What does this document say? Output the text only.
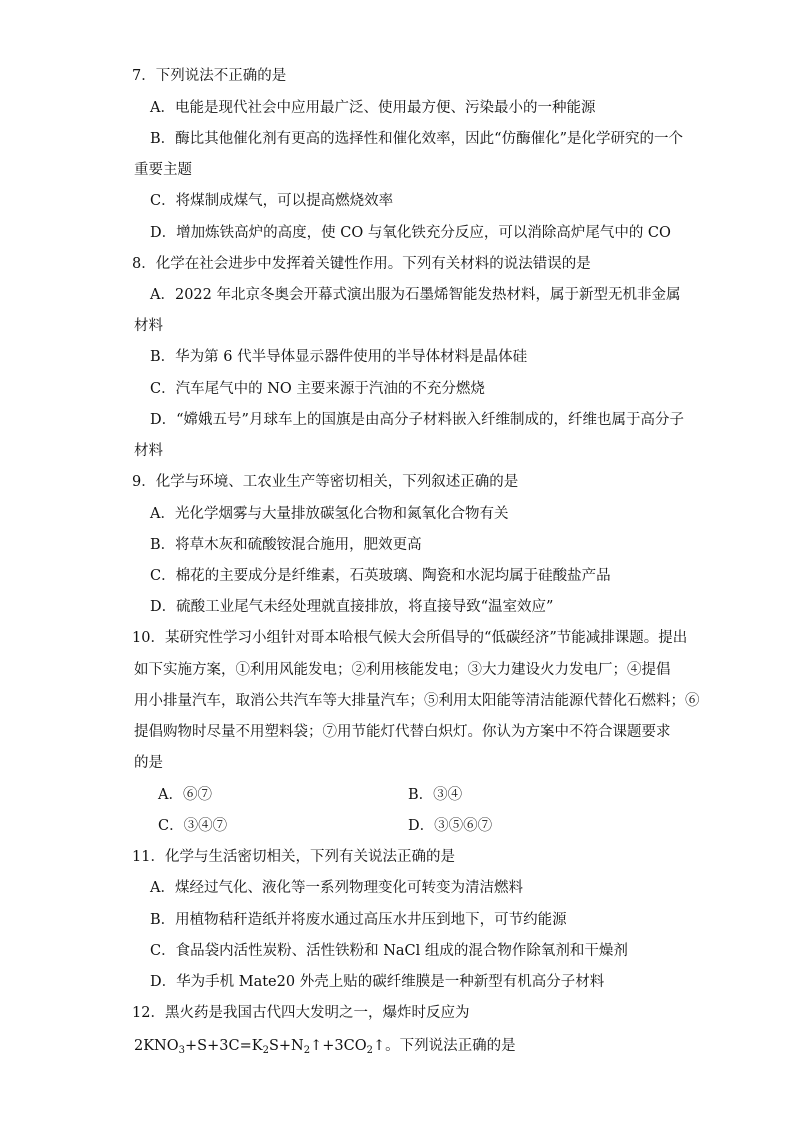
7．下列说法不正确的是
A．电能是现代社会中应用最广泛、使用最方便、污染最小的一种能源
B．酶比其他催化剂有更高的选择性和催化效率，因此“仿酶催化”是化学研究的一个
重要主题
C．将煤制成煤气，可以提高燃烧效率
D．增加炼铁高炉的高度，使 CO 与氧化铁充分反应，可以消除高炉尾气中的 CO
8．化学在社会进步中发挥着关键性作用。下列有关材料的说法错误的是
A．2022 年北京冬奥会开幕式演出服为石墨烯智能发热材料，属于新型无机非金属
材料
B．华为第 6 代半导体显示器件使用的半导体材料是晶体硅
C．汽车尾气中的 NO 主要来源于汽油的不充分燃烧
D．“嫦娥五号”月球车上的国旗是由高分子材料嵌入纤维制成的，纤维也属于高分子
材料
9．化学与环境、工农业生产等密切相关，下列叙述正确的是
A．光化学烟雾与大量排放碳氢化合物和氮氧化合物有关
B．将草木灰和硫酸铵混合施用，肥效更高
C．棉花的主要成分是纤维素，石英玻璃、陶瓷和水泥均属于硅酸盐产品
D．硫酸工业尾气未经处理就直接排放，将直接导致“温室效应”
10．某研究性学习小组针对哥本哈根气候大会所倡导的“低碳经济”节能减排课题。提出
如下实施方案，①利用风能发电；②利用核能发电；③大力建设火力发电厂；④提倡
用小排量汽车，取消公共汽车等大排量汽车；⑤利用太阳能等清洁能源代替化石燃料；⑥
提倡购物时尽量不用塑料袋；⑦用节能灯代替白炽灯。你认为方案中不符合课题要求
的是
A．⑥⑦	B．③④
C．③④⑦	D．③⑤⑥⑦
11．化学与生活密切相关，下列有关说法正确的是
A．煤经过气化、液化等一系列物理变化可转变为清洁燃料
B．用植物秸秆造纸并将废水通过高压水井压到地下，可节约能源
C．食品袋内活性炭粉、活性铁粉和 NaCl 组成的混合物作除氧剂和干燥剂
D．华为手机 Mate20 外壳上贴的碳纤维膜是一种新型有机高分子材料
12．黑火药是我国古代四大发明之一，爆炸时反应为
$2KNO_3+S+3C=K_2S+N_2↑+3CO_2↑$。下列说法正确的是
